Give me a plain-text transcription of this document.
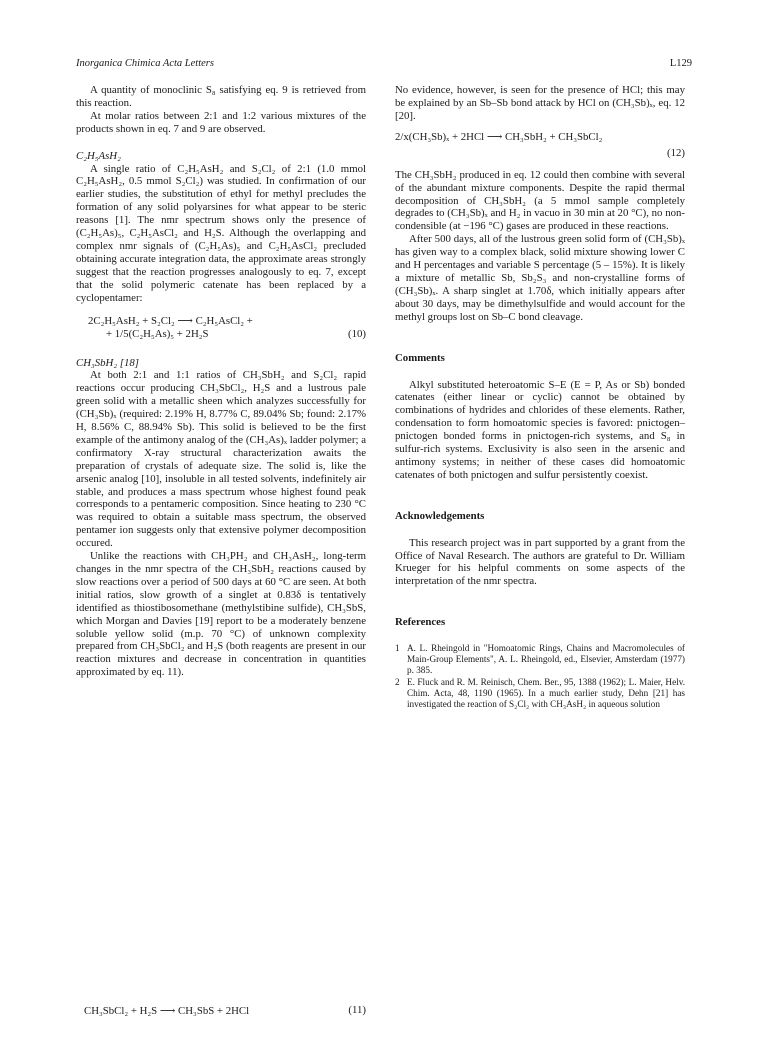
Inorganica Chimica Acta Letters	L129

A quantity of monoclinic S₈ satisfying eq. 9 is retrieved from this reaction.

At molar ratios between 2:1 and 1:2 various mixtures of the products shown in eq. 7 and 9 are observed.

C₂H₅AsH₂

A single ratio of C₂H₅AsH₂ and S₂Cl₂ of 2:1 (1.0 mmol C₂H₅AsH₂, 0.5 mmol S₂Cl₂) was studied. In confirmation of our earlier studies, the substitution of ethyl for methyl precludes the formation of any solid polyarsines for what appear to be steric reasons [1]. The nmr spectrum shows only the presence of (C₂H₅As)₅, C₂H₅AsCl₂ and H₂S. Although the overlapping and complex nmr signals of (C₂H₅As)₅ and C₂H₅AsCl₂ precluded obtaining accurate integration data, the approximate areas strongly suggest that the reaction progresses analogously to eq. 7, except that the solid polymeric catenate has been replaced by a cyclopentamer:

2C₂H₅AsH₂ + S₂Cl₂ ⟶ C₂H₅AsCl₂ +
+ 1/5(C₂H₅As)₅ + 2H₂S	(10)

CH₃SbH₂ [18]

At both 2:1 and 1:1 ratios of CH₃SbH₂ and S₂Cl₂ rapid reactions occur producing CH₃SbCl₂, H₂S and a lustrous pale green solid with a metallic sheen which analyzes successfully for (CH₃Sb)ₓ (required: 2.19% H, 8.77% C, 89.04% Sb; found: 2.17% H, 8.56% C, 88.94% Sb). This solid is believed to be the first example of the antimony analog of the (CH₃As)ₓ ladder polymer; a confirmatory X-ray structural characterization awaits the preparation of crystals of adequate size. The solid is, like the arsenic analog [10], insoluble in all tested solvents, indefinitely air stable, and produces a mass spectrum whose highest found peak corresponds to a pentameric composition. Since heating to 230 °C was required to obtain a suitable mass spectrum, the observed pentamer ion suggests only that extensive polymer decomposition occured.

Unlike the reactions with CH₃PH₂ and CH₃AsH₂, long-term changes in the nmr spectra of the CH₃SbH₂ reactions caused by slow reactions over a period of 500 days at 60 °C are seen. At both initial ratios, slow growth of a singlet at 0.83δ is tentatively identified as thiostibosomethane (methylstibine sulfide), CH₃SbS, which Morgan and Davies [19] report to be a moderately benzene soluble yellow solid (m.p. 70 °C) of unknown complexity prepared from CH₃SbCl₂ and H₂S (both reagents are present in our reaction mixtures and decrease in concentration in quantities approximated by eq. 11).

CH₃SbCl₂ + H₂S ⟶ CH₃SbS + 2HCl	(11)

No evidence, however, is seen for the presence of HCl; this may be explained by an Sb–Sb bond attack by HCl on (CH₃Sb)ₓ, eq. 12 [20].

2/x(CH₃Sb)ₓ + 2HCl ⟶ CH₃SbH₂ + CH₃SbCl₂
(12)

The CH₃SbH₂ produced in eq. 12 could then combine with several of the abundant mixture components. Despite the rapid thermal decomposition of CH₃SbH₂ (a 5 mmol sample completely degrades to (CH₃Sb)ₓ and H₂ in vacuo in 30 min at 20 °C), no non-condensible (at −196 °C) gases are produced in these reactions.

After 500 days, all of the lustrous green solid form of (CH₃Sb)ₓ has given way to a complex black, solid mixture showing lower C and H percentages and variable S percentage (5 – 15%). It is likely a mixture of metallic Sb, Sb₂S₃ and non-crystalline forms of (CH₃Sb)ₓ. A sharp singlet at 1.70δ, which initially appears after about 30 days, may be dimethylsulfide and would account for the methyl groups lost on Sb–C bond cleavage.

Comments

Alkyl substituted heteroatomic S–E (E = P, As or Sb) bonded catenates (either linear or cyclic) cannot be obtained by combinations of hydrides and chlorides of these elements. Rather, condensation to form homoatomic species is favored: pnictogen–pnictogen bonded forms in pnictogen-rich systems, and S₈ in sulfur-rich systems. Exclusivity is also seen in the arsenic and antimony systems; in neither of these cases did homoatomic catenates of both pnictogen and sulfur persistently coexist.

Acknowledgements

This research project was in part supported by a grant from the Office of Naval Research. The authors are grateful to Dr. William Krueger for his helpful comments on some aspects of the interpretation of the nmr spectra.

References

1 A. L. Rheingold in "Homoatomic Rings, Chains and Macromolecules of Main-Group Elements", A. L. Rheingold, ed., Elsevier, Amsterdam (1977) p. 385.
2 E. Fluck and R. M. Reinisch, Chem. Ber., 95, 1388 (1962); L. Maier, Helv. Chim. Acta, 48, 1190 (1965). In a much earlier study, Dehn [21] has investigated the reaction of S₂Cl₂ with CH₃AsH₂ in aqueous solution
